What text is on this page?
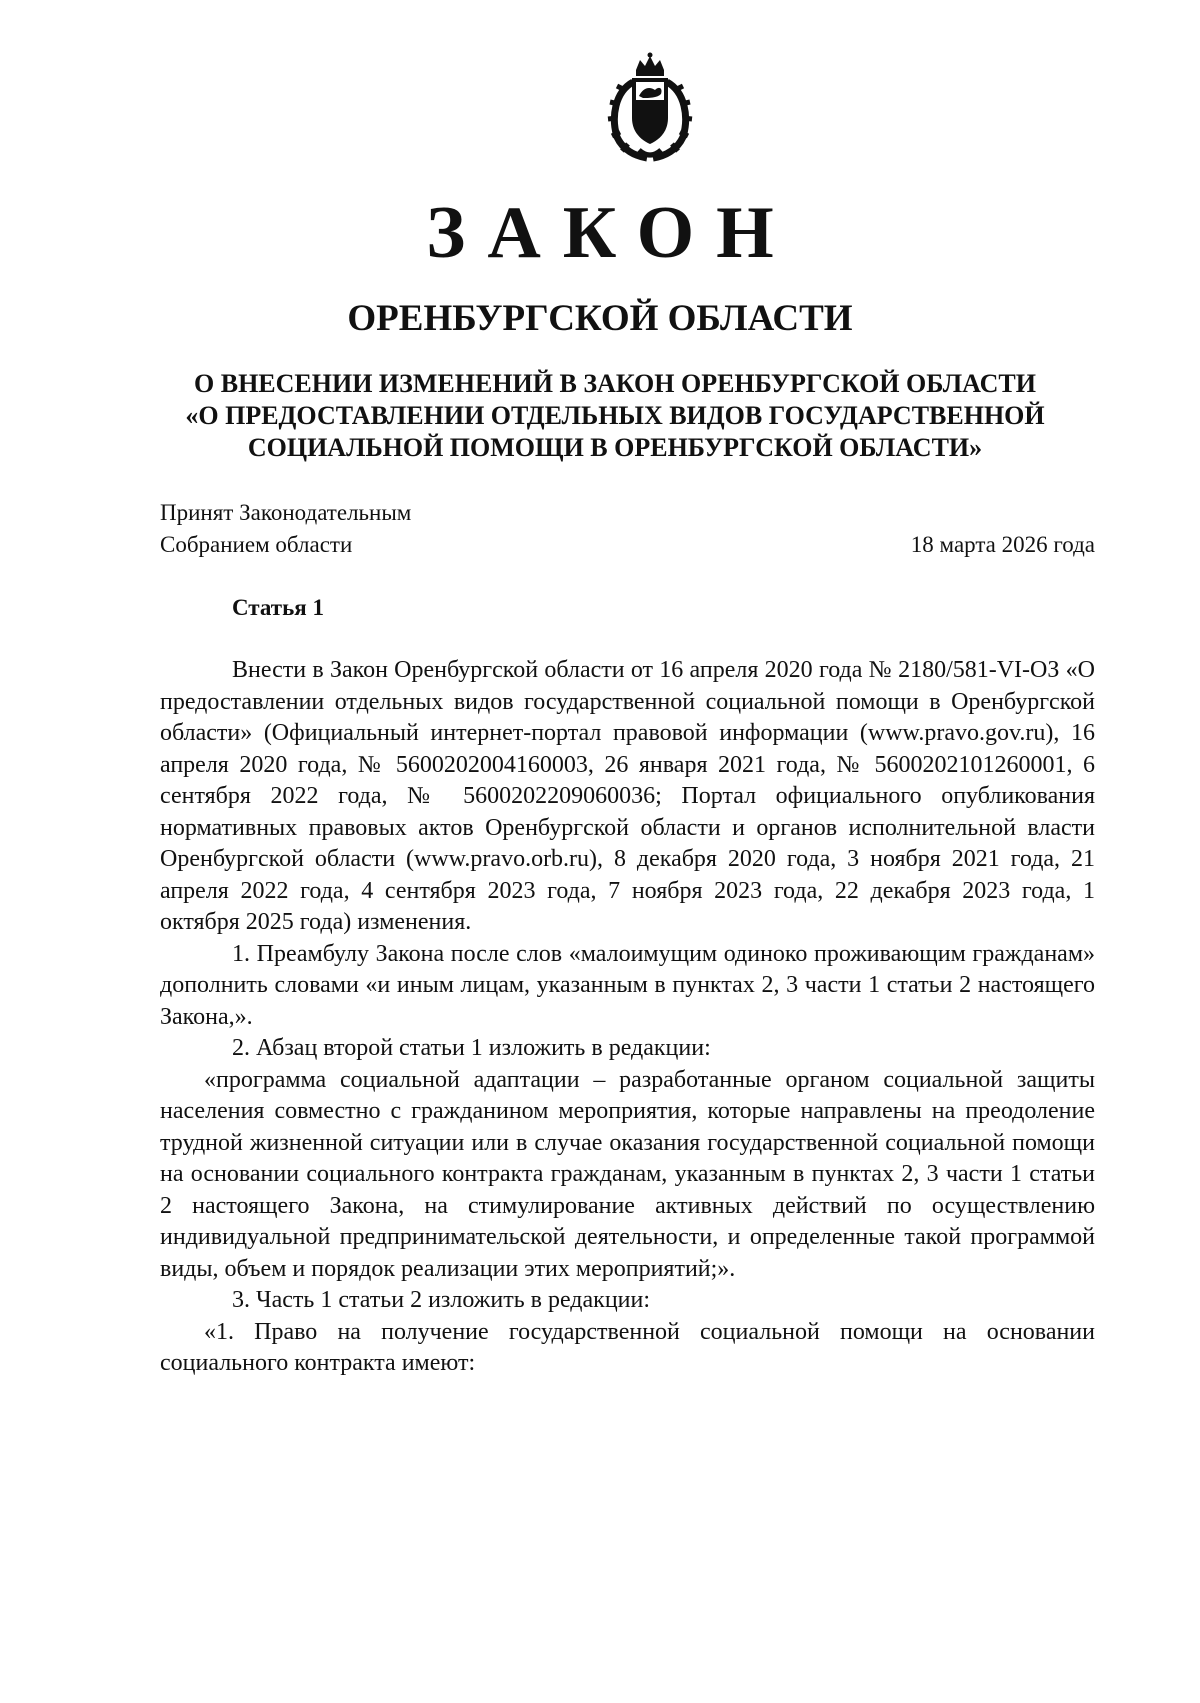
ЗАКОН
ОРЕНБУРГСКОЙ ОБЛАСТИ
О ВНЕСЕНИИ ИЗМЕНЕНИЙ В ЗАКОН ОРЕНБУРГСКОЙ ОБЛАСТИ
«О ПРЕДОСТАВЛЕНИИ ОТДЕЛЬНЫХ ВИДОВ ГОСУДАРСТВЕННОЙ
СОЦИАЛЬНОЙ ПОМОЩИ В ОРЕНБУРГСКОЙ ОБЛАСТИ»
Принят Законодательным
Собранием области	18 марта 2026 года
Статья 1

Внести в Закон Оренбургской области от 16 апреля 2020 года № 2180/581-VI-ОЗ «О предоставлении отдельных видов государственной социальной помощи в Оренбургской области» (Официальный интернет-портал правовой информации (www.pravo.gov.ru), 16 апреля 2020 года, № 5600202004160003, 26 января 2021 года, № 5600202101260001, 6 сентября 2022 года, № 5600202209060036; Портал официального опубликования нормативных правовых актов Оренбургской области и органов исполнительной власти Оренбургской области (www.pravo.orb.ru), 8 декабря 2020 года, 3 ноября 2021 года, 21 апреля 2022 года, 4 сентября 2023 года, 7 ноября 2023 года, 22 декабря 2023 года, 1 октября 2025 года) изменения.

1. Преамбулу Закона после слов «малоимущим одиноко проживающим гражданам» дополнить словами «и иным лицам, указанным в пунктах 2, 3 части 1 статьи 2 настоящего Закона,».

2. Абзац второй статьи 1 изложить в редакции:

«программа социальной адаптации – разработанные органом социальной защиты населения совместно с гражданином мероприятия, которые направлены на преодоление трудной жизненной ситуации или в случае оказания государственной социальной помощи на основании социального контракта гражданам, указанным в пунктах 2, 3 части 1 статьи 2 настоящего Закона, на стимулирование активных действий по осуществлению индивидуальной предпринимательской деятельности, и определенные такой программой виды, объем и порядок реализации этих мероприятий;».

3. Часть 1 статьи 2 изложить в редакции:

«1. Право на получение государственной социальной помощи на основании социального контракта имеют:
